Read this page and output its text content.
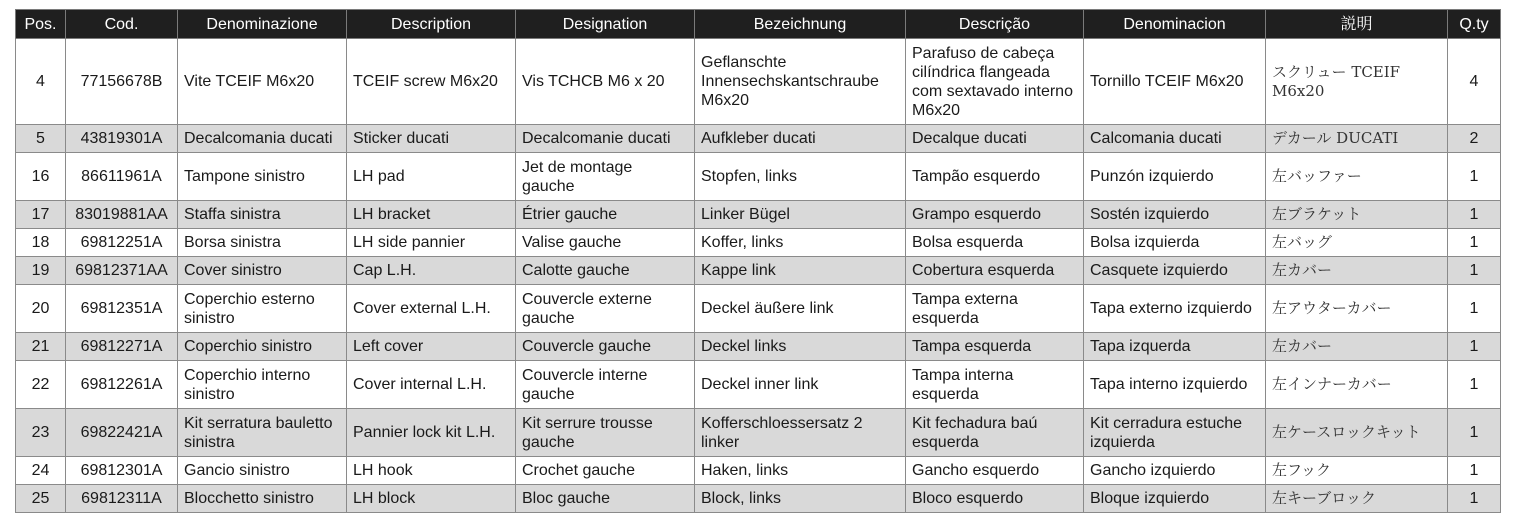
Pos.	Cod.	Denominazione	Description	Designation	Bezeichnung	Descrição	Denominacion	説明	Q.ty
4	77156678B	Vite TCEIF M6x20	TCEIF screw M6x20	Vis TCHCB M6 x 20	Geflanschte Innensechskantschraube M6x20	Parafuso de cabeça cilíndrica flangeada com sextavado interno M6x20	Tornillo TCEIF M6x20	スクリュー TCEIF M6x20	4
5	43819301A	Decalcomania ducati	Sticker ducati	Decalcomanie ducati	Aufkleber ducati	Decalque ducati	Calcomania ducati	デカール DUCATI	2
16	86611961A	Tampone sinistro	LH pad	Jet de montage gauche	Stopfen, links	Tampão esquerdo	Punzón izquierdo	左バッファー	1
17	83019881AA	Staffa sinistra	LH bracket	Étrier gauche	Linker Bügel	Grampo esquerdo	Sostén izquierdo	左ブラケット	1
18	69812251A	Borsa sinistra	LH side pannier	Valise gauche	Koffer, links	Bolsa esquerda	Bolsa izquierda	左バッグ	1
19	69812371AA	Cover sinistro	Cap L.H.	Calotte gauche	Kappe link	Cobertura esquerda	Casquete izquierdo	左カバー	1
20	69812351A	Coperchio esterno sinistro	Cover external L.H.	Couvercle externe gauche	Deckel äußere link	Tampa externa esquerda	Tapa externo izquierdo	左アウターカバー	1
21	69812271A	Coperchio sinistro	Left cover	Couvercle gauche	Deckel links	Tampa esquerda	Tapa izquerda	左カバー	1
22	69812261A	Coperchio interno sinistro	Cover internal L.H.	Couvercle interne gauche	Deckel inner link	Tampa interna esquerda	Tapa interno izquierdo	左インナーカバー	1
23	69822421A	Kit serratura bauletto sinistra	Pannier lock kit L.H.	Kit serrure trousse gauche	Kofferschloessersatz 2 linker	Kit fechadura baú esquerda	Kit cerradura estuche izquierda	左ケースロックキット	1
24	69812301A	Gancio sinistro	LH hook	Crochet gauche	Haken, links	Gancho esquerdo	Gancho izquierdo	左フック	1
25	69812311A	Blocchetto sinistro	LH block	Bloc gauche	Block, links	Bloco esquerdo	Bloque izquierdo	左キーブロック	1
